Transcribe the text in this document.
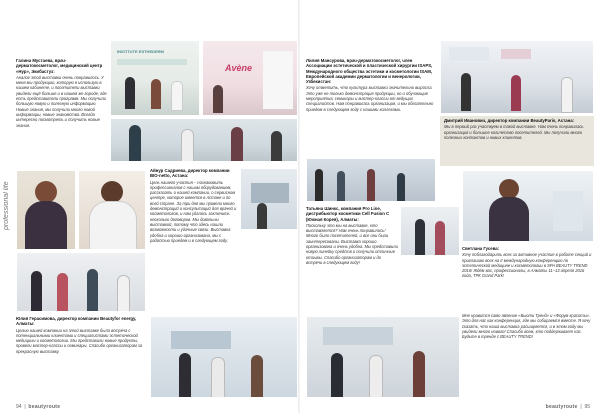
professional life
Галина Мустаева, врач-дерматокосметолог, медицинский центр «Нур», Экибастуз:

Аналог этой выставки очень понравилось. У меня мы продукцию, которую я использую в нашем кабинете, и посетители выставки увидели ещё больше и в нашем же городе, где есть представители программ. Мы получили большую новую и полезную информацию. Новые знания, мы получили много новой информации, новые знакомства. Всегда интересно посмотреть и получить новые знания.

INSTITUTE ESTHEDERM
Avène
Айнур Садриева, директор компании BIO-netto, Астана:

Цель нашего участия – познакомить профессионалов с нашим оборудованием, рассказать о нашей компании, о сервисном центре, которое имеется в Астане и по всей стране. За три дня мы провели много демонстраций и консультаций для врачей и косметологов, и нам удалось заключить несколько договоров. Мы довольны выставкой, потому что здесь нашли возможности и удачные связи. Выставка удобна и хорошо организована, мы с радостью приедем и в следующем году.

Юлия Герасимова, директор компании Beautyfor energy, Алматы:

Целью нашей компании на этой выставке была встреча с потенциальными клиентами и специалистами эстетической медицины и косметологии. Мы представили новые продукты, провели мастер-классы и семинары. Спасибо организаторам за прекрасную выставку.

94  |  beautyroute
Лилия Мансурова, врач-дерматокосметолог, член Ассоциации эстетической и пластической хирургии ISAPS, Международного общества эстетики и косметологии ISAM, Европейской академии дерматологии и венерологии, Узбекистан:

Хочу отметить, что культура выставки значительно выросла. Это уже не только демонстрация продукции, но и обучающие мероприятия, семинары и мастер-классы от ведущих специалистов. Нам понравилась организация, и мы обязательно приедем в следующем году с нашими коллегами.

Дмитрий Иванович, директор компании BeautyParis, Астана:

Мы в первый раз участвуем в такой выставке. Нам очень понравилась организация и большое количество посетителей. Мы получили много полезных контактов и новых клиентов.

Татьяна Шинкс, компания Pro Line, дистрибьютор косметики Cell Fusion C (Южная Корея), Алматы:

Поскольку это мы на выставке, кто выставляется? Нам очень понравилось! Много было посетителей, и все они были заинтересованы. Выставка хорошо организована и очень удобна. Мы представили новую линейку средств и получили отличные отзывы. Спасибо организаторам и до встречи в следующем году!

Светлана Гусева:

Хочу поблагодарить всех за активное участие в работе секций и приглашаю всех на II международную конференцию по эстетической медицине и косметологии в SPA BEAUTY TREND 2016! Ждём вас, профессионалы, в Алматы 11–13 апреля 2016 года, ТРК Grand Park!

Мне нравится само явление «Бьюти Тренд» и «Форум красоты». Это для нас как конференция, где мы собираемся вместе. Я хочу сказать, что наша выставка расширяется, и в этом году мы увидели много нового! Спасибо всем, кто поддерживает нас. Будьте в тренде с BEAUTY TREND!

beautyroute  |  95
